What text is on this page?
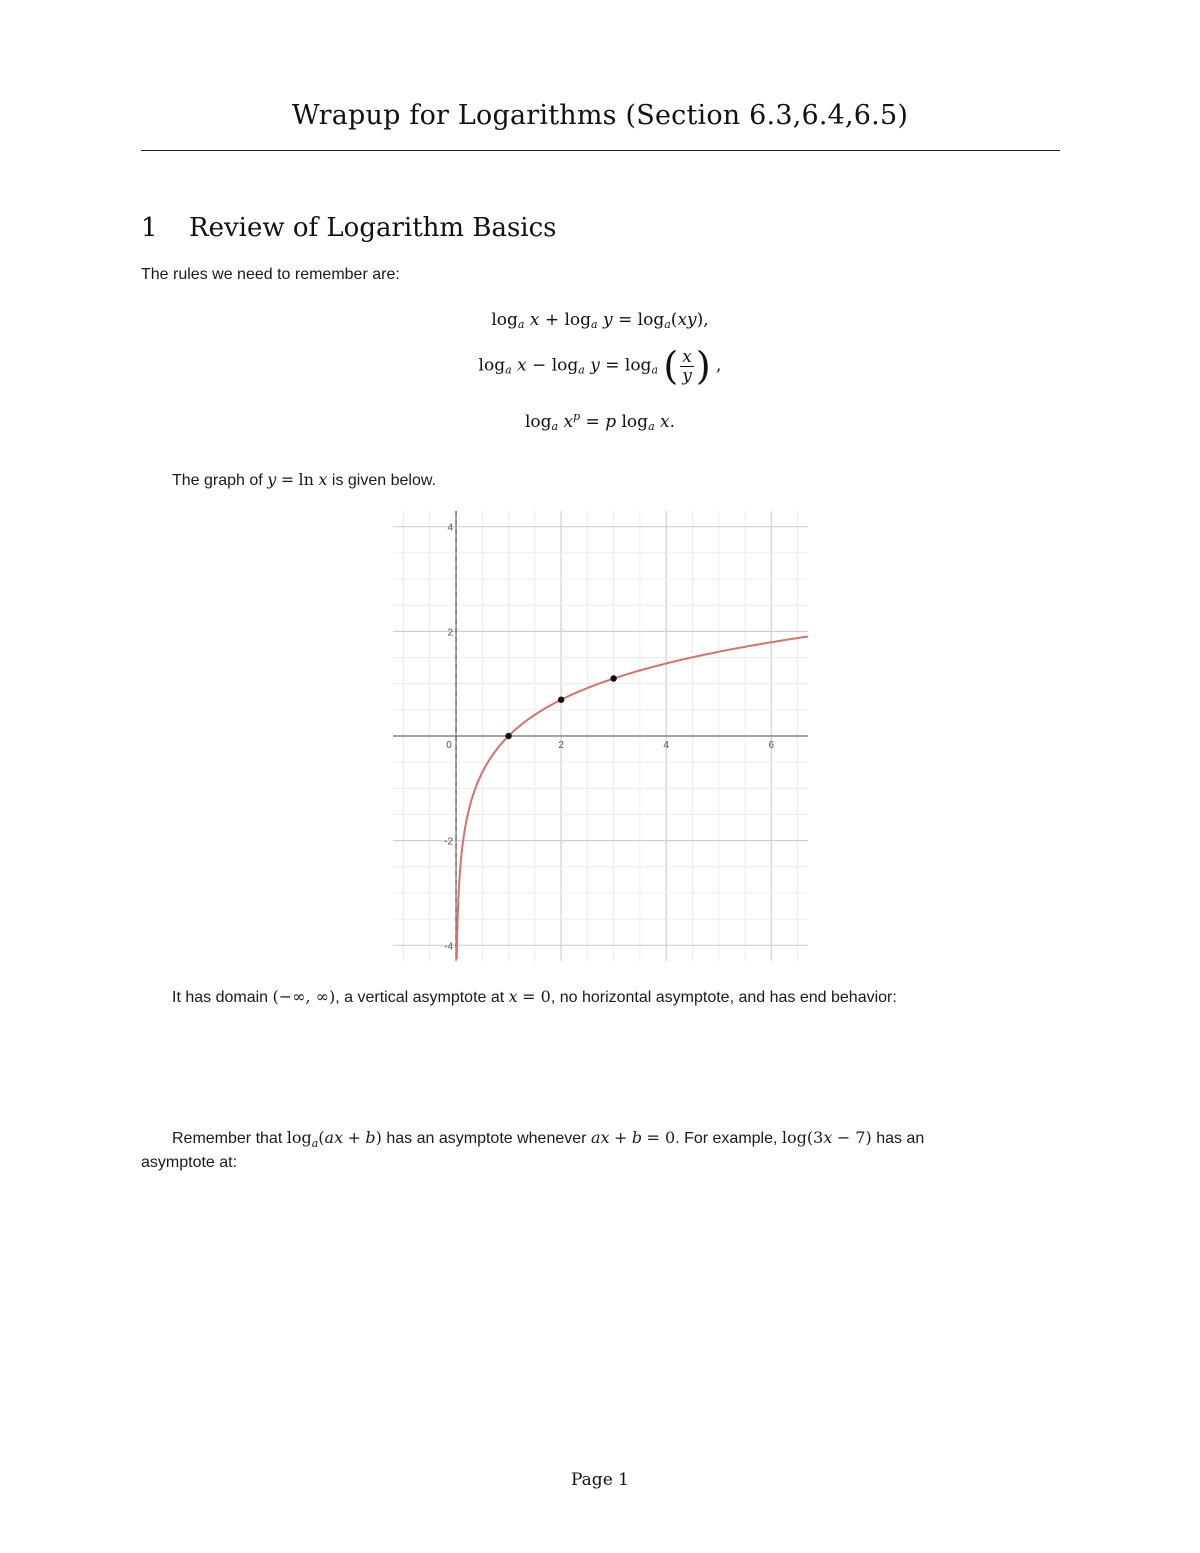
Wrapup for Logarithms (Section 6.3,6.4,6.5)
1 Review of Logarithm Basics
The rules we need to remember are:
$\log_a x + \log_a y = \log_a(xy)$,
$\log_a x - \log_a y = \log_a$ ( $\frac{x}{y}$ ) ,
$\log_a x^p = p$ $\log_a x$.
The graph of y = ln x is given below.
0	2	4	6
-4
-2
2
4
It has domain (−∞, ∞), a vertical asymptote at x = 0, no horizontal asymptote, and has end behavior:
Remember that $\log_a(ax + b)$ has an asymptote whenever ax + b = 0. For example, log(3x − 7) has an
asymptote at:
Page 1
